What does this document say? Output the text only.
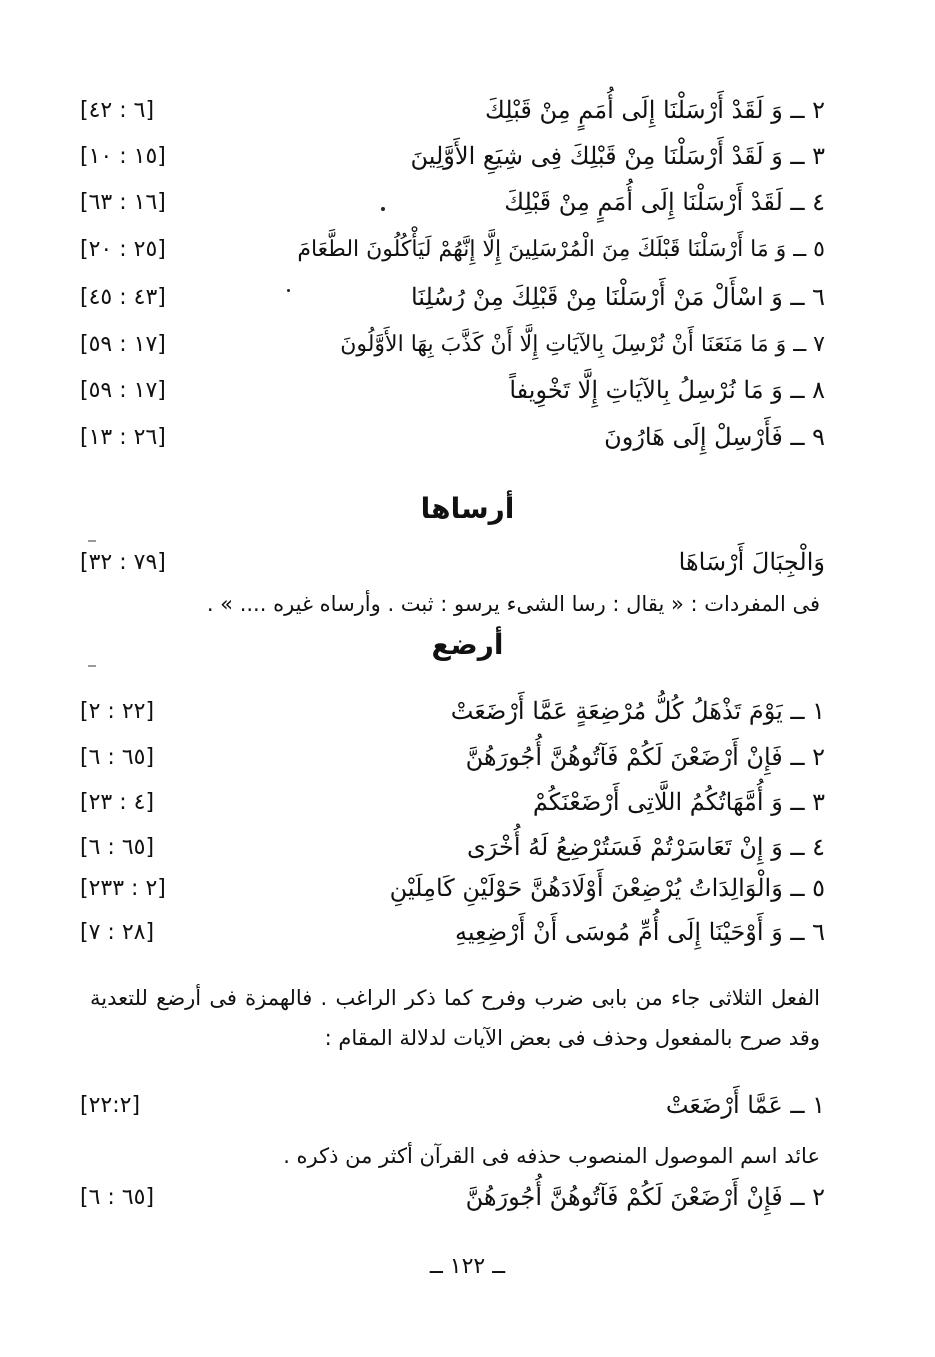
[٦ : ٤٢]	٢ ــ وَ لَقَدْ أَرْسَلْنَا إِلَى أُمَمٍ مِنْ قَبْلِكَ
[١٥ : ١٠]	٣ ــ وَ لَقَدْ أَرْسَلْنَا مِنْ قَبْلِكَ فِى شِيَعِ الأَوَّلِينَ
[١٦ : ٦٣]	٤ ــ لَقَدْ أَرْسَلْنَا إِلَى أُمَمٍ مِنْ قَبْلِكَ
[٢٥ : ٢٠]	٥ ــ وَ مَا أَرْسَلْنَا قَبْلَكَ مِنَ الْمُرْسَلِينَ إِلَّا إِنَّهُمْ لَيَأْكُلُونَ الطَّعَامَ
[٤٣ : ٤٥]	٦ ــ وَ اسْأَلْ مَنْ أَرْسَلْنَا مِنْ قَبْلِكَ مِنْ رُسُلِنَا
[١٧ : ٥٩]	٧ ــ وَ مَا مَنَعَنَا أَنْ نُرْسِلَ بِالآيَاتِ إِلَّا أَنْ كَذَّبَ بِهَا الأَوَّلُونَ
[١٧ : ٥٩]	٨ ــ وَ مَا نُرْسِلُ بِالآيَاتِ إِلَّا تَخْوِيفاً
[٢٦ : ١٣]	٩ ــ فَأَرْسِلْ إِلَى هَارُونَ
أرساها
[٧٩ : ٣٢]	وَالْجِبَالَ أَرْسَاهَا
فى المفردات : « يقال : رسا الشىء يرسو : ثبت . وأرساه غيره .... » .
أرضع
[٢٢ : ٢]	١ ــ يَوْمَ تَذْهَلُ كُلُّ مُرْضِعَةٍ عَمَّا أَرْضَعَتْ
[٦٥ : ٦]	٢ ــ فَإِنْ أَرْضَعْنَ لَكُمْ فَآتُوهُنَّ أُجُورَهُنَّ
[٤ : ٢٣]	٣ ــ وَ أُمَّهَاتُكُمُ اللَّاتِى أَرْضَعْنَكُمْ
[٦٥ : ٦]	٤ ــ وَ إِنْ تَعَاسَرْتُمْ فَسَتُرْضِعُ لَهُ أُخْرَى
[٢ : ٢٣٣]	٥ ــ وَالْوَالِدَاتُ يُرْضِعْنَ أَوْلَادَهُنَّ حَوْلَيْنِ كَامِلَيْنِ
[٢٨ : ٧]	٦ ــ وَ أَوْحَيْنَا إِلَى أُمِّ مُوسَى أَنْ أَرْضِعِيهِ
الفعل الثلاثى جاء من بابى ضرب وفرح كما ذكر الراغب . فالهمزة فى أرضع للتعدية وقد صرح بالمفعول وحذف فى بعض الآيات لدلالة المقام :
[٢٢:٢]	١ ــ عَمَّا أَرْضَعَتْ
عائد اسم الموصول المنصوب حذفه فى القرآن أكثر من ذكره .
[٦٥ : ٦]	٢ ــ فَإِنْ أَرْضَعْنَ لَكُمْ فَآتُوهُنَّ أُجُورَهُنَّ
ــ ١٢٢ ــ
